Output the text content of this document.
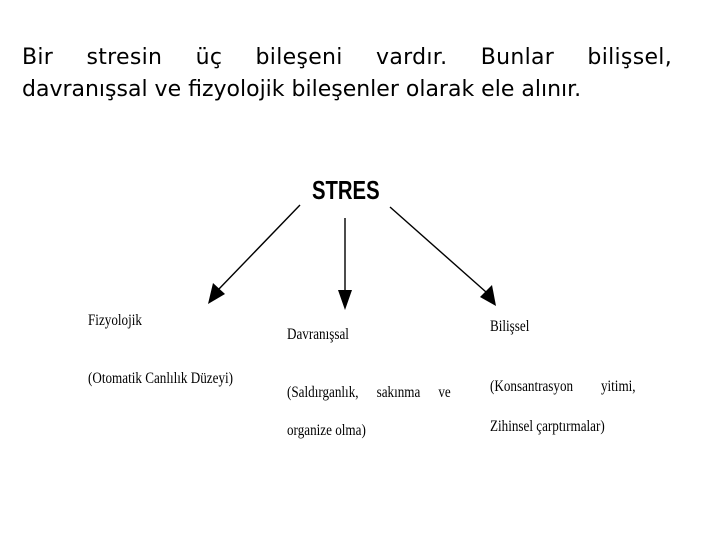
Bir stresin üç bileşeni vardır. Bunlar bilişsel,
davranışsal ve fizyolojik bileşenler olarak ele alınır.

STRES
Fizyolojik
(Otomatik Canlılık Düzeyi)
Davranışsal
(Saldırganlık, sakınma ve
organize olma)
Bilişsel
(Konsantrasyon yitimi,
Zihinsel çarptırmalar)
